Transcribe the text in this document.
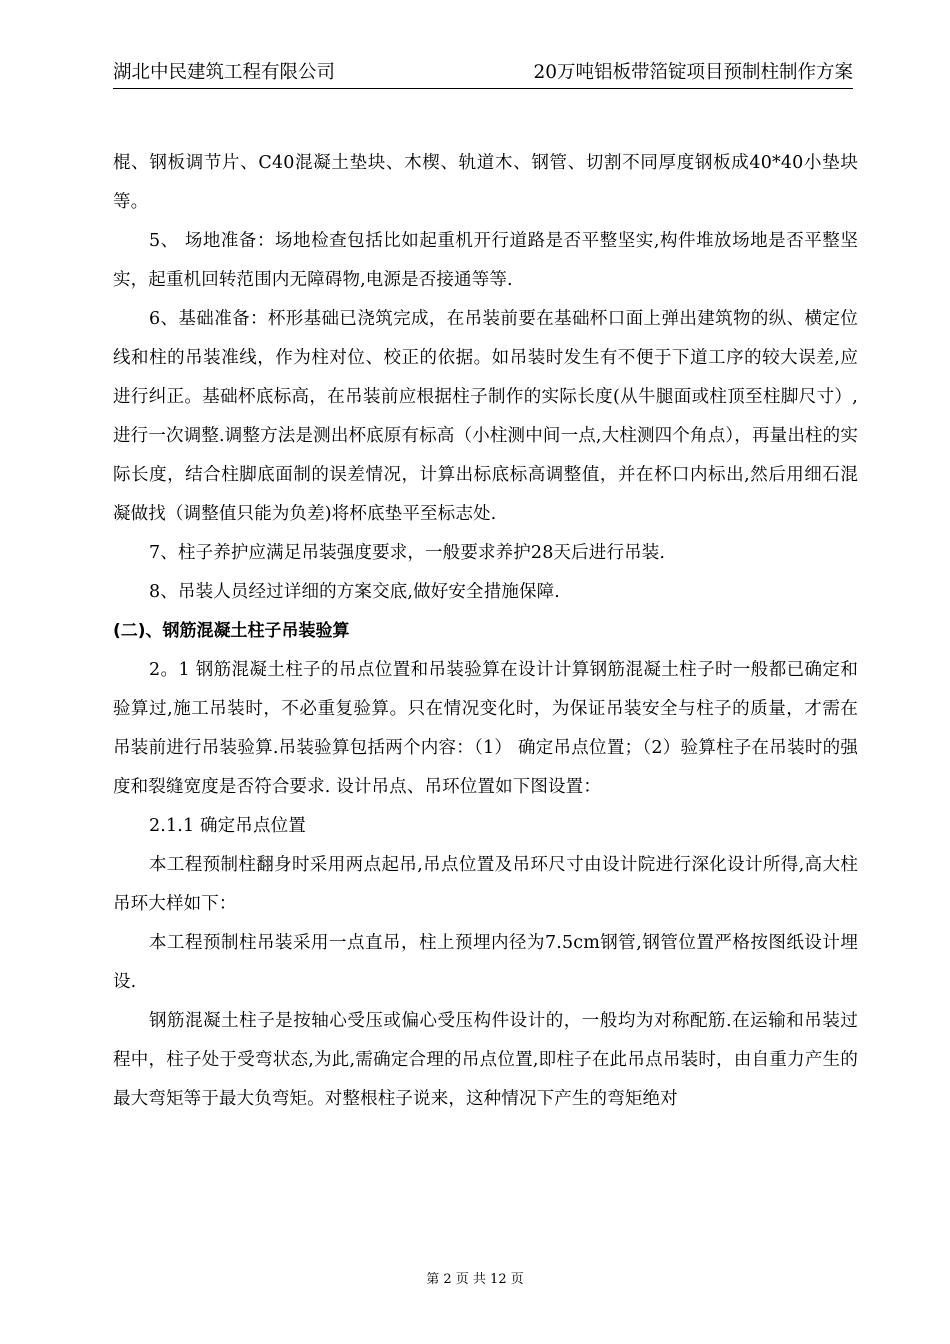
湖北中民建筑工程有限公司	20万吨铝板带箔锭项目预制柱制作方案

棍、钢板调节片、C40混凝土垫块、木楔、轨道木、钢管、切割不同厚度钢板成40*40小垫块等。

5、 场地准备：场地检查包括比如起重机开行道路是否平整坚实,构件堆放场地是否平整坚实，起重机回转范围内无障碍物,电源是否接通等等.

6、基础准备：杯形基础已浇筑完成，在吊装前要在基础杯口面上弹出建筑物的纵、横定位线和柱的吊装准线，作为柱对位、校正的依据。如吊装时发生有不便于下道工序的较大误差,应进行纠正。基础杯底标高，在吊装前应根据柱子制作的实际长度(从牛腿面或柱顶至柱脚尺寸）,进行一次调整.调整方法是测出杯底原有标高（小柱测中间一点,大柱测四个角点），再量出柱的实际长度，结合柱脚底面制的误差情况，计算出标底标高调整值，并在杯口内标出,然后用细石混凝做找（调整值只能为负差)将杯底垫平至标志处.

7、柱子养护应满足吊装强度要求，一般要求养护28天后进行吊装.

8、吊装人员经过详细的方案交底,做好安全措施保障.

(二)、钢筋混凝土柱子吊装验算

2。1 钢筋混凝土柱子的吊点位置和吊装验算在设计计算钢筋混凝土柱子时一般都已确定和验算过,施工吊装时，不必重复验算。只在情况变化时，为保证吊装安全与柱子的质量，才需在吊装前进行吊装验算.吊装验算包括两个内容：（1） 确定吊点位置；（2）验算柱子在吊装时的强度和裂缝宽度是否符合要求. 设计吊点、吊环位置如下图设置：

2.1.1 确定吊点位置

本工程预制柱翻身时采用两点起吊,吊点位置及吊环尺寸由设计院进行深化设计所得,高大柱吊环大样如下：

本工程预制柱吊装采用一点直吊，柱上预埋内径为7.5cm钢管,钢管位置严格按图纸设计埋设.

钢筋混凝土柱子是按轴心受压或偏心受压构件设计的，一般均为对称配筋.在运输和吊装过程中，柱子处于受弯状态,为此,需确定合理的吊点位置,即柱子在此吊点吊装时，由自重力产生的最大弯矩等于最大负弯矩。对整根柱子说来，这种情况下产生的弯矩绝对

第 2 页 共 12 页
